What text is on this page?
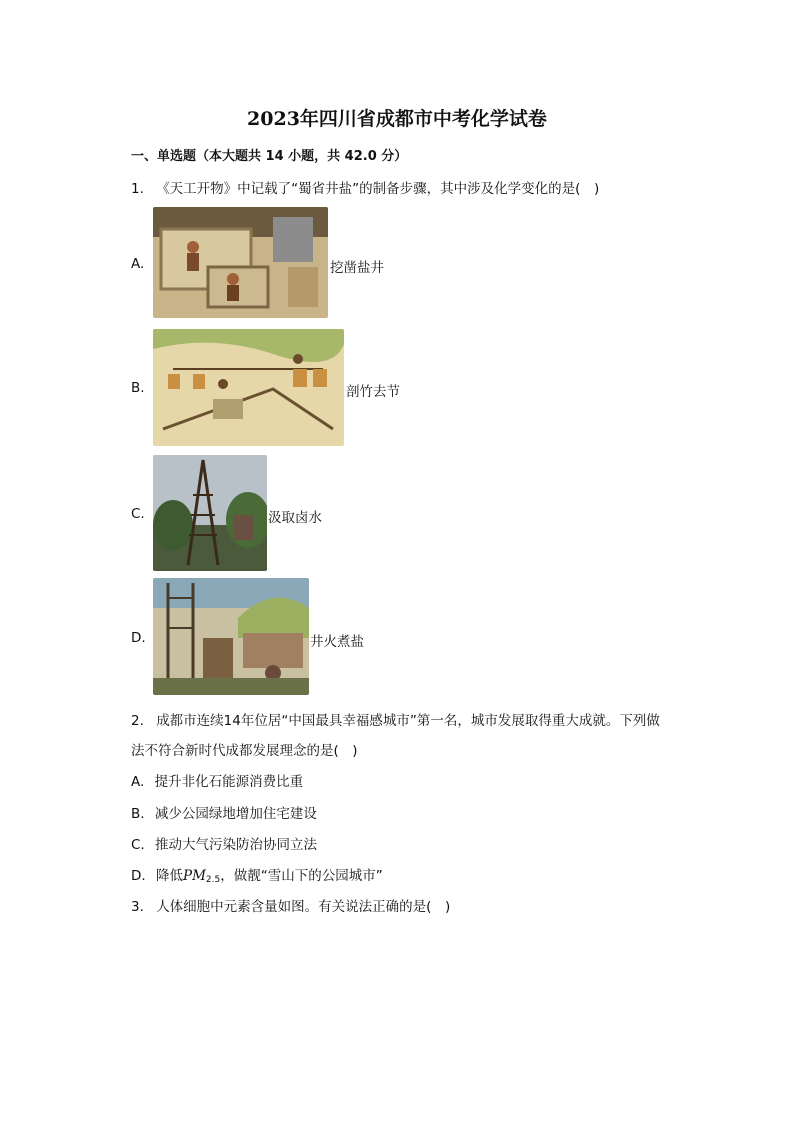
2023年四川省成都市中考化学试卷
一、单选题（本大题共 14 小题，共 42.0 分）
1. 《天工开物》中记载了“蜀省井盐”的制备步骤，其中涉及化学变化的是(　)
A.	挖凿盐井
B.	剖竹去节
C.	汲取卤水
D.	井火煮盐
2. 成都市连续14年位居“中国最具幸福感城市”第一名，城市发展取得重大成就。下列做
法不符合新时代成都发展理念的是(　)
A. 提升非化石能源消费比重
B. 减少公园绿地增加住宅建设
C. 推动大气污染防治协同立法
D. 降低$PM_{2.5}$，做靓“雪山下的公园城市”
3. 人体细胞中元素含量如图。有关说法正确的是(　)
